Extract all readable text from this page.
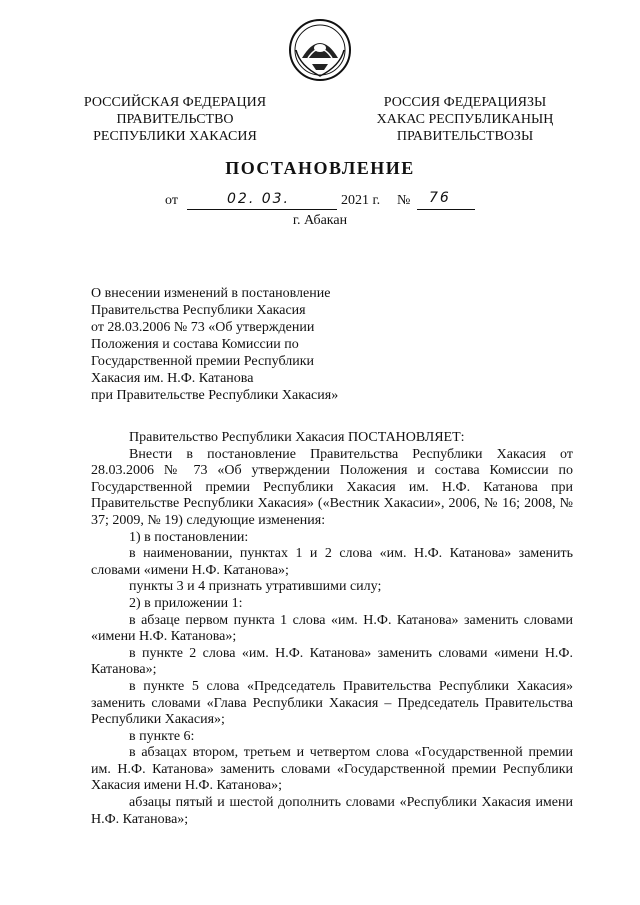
РОССИЙСКАЯ ФЕДЕРАЦИЯ
ПРАВИТЕЛЬСТВО
РЕСПУБЛИКИ ХАКАСИЯ
РОССИЯ ФЕДЕРАЦИЯЗЫ
ХАКАС РЕСПУБЛИКАНЫҢ
ПРАВИТЕЛЬСТВОЗЫ
ПОСТАНОВЛЕНИЕ
от	02. 03.	2021 г. № 76
г. Абакан

О внесении изменений в постановление

Правительства Республики Хакасия

от 28.03.2006 № 73 «Об утверждении

Положения и состава Комиссии по

Государственной премии Республики

Хакасия им. Н.Ф. Катанова

при Правительстве Республики Хакасия»

Правительство Республики Хакасия ПОСТАНОВЛЯЕТ:

Внести в постановление Правительства Республики Хакасия от 28.03.2006 № 73 «Об утверждении Положения и состава Комиссии по Государственной премии Республики Хакасия им. Н.Ф. Катанова при Правительстве Республики Хакасия» («Вестник Хакасии», 2006, № 16; 2008, № 37; 2009, № 19) следующие изменения:

1) в постановлении:

в наименовании, пунктах 1 и 2 слова «им. Н.Ф. Катанова» заменить словами «имени Н.Ф. Катанова»;

пункты 3 и 4 признать утратившими силу;

2) в приложении 1:

в абзаце первом пункта 1 слова «им. Н.Ф. Катанова» заменить словами «имени Н.Ф. Катанова»;

в пункте 2 слова «им. Н.Ф. Катанова» заменить словами «имени Н.Ф. Катанова»;

в пункте 5 слова «Председатель Правительства Республики Хакасия» заменить словами «Глава Республики Хакасия – Председатель Правительства Республики Хакасия»;

в пункте 6:

в абзацах втором, третьем и четвертом слова «Государственной премии им. Н.Ф. Катанова» заменить словами «Государственной премии Республики Хакасия имени Н.Ф. Катанова»;

абзацы пятый и шестой дополнить словами «Республики Хакасия имени Н.Ф. Катанова»;
